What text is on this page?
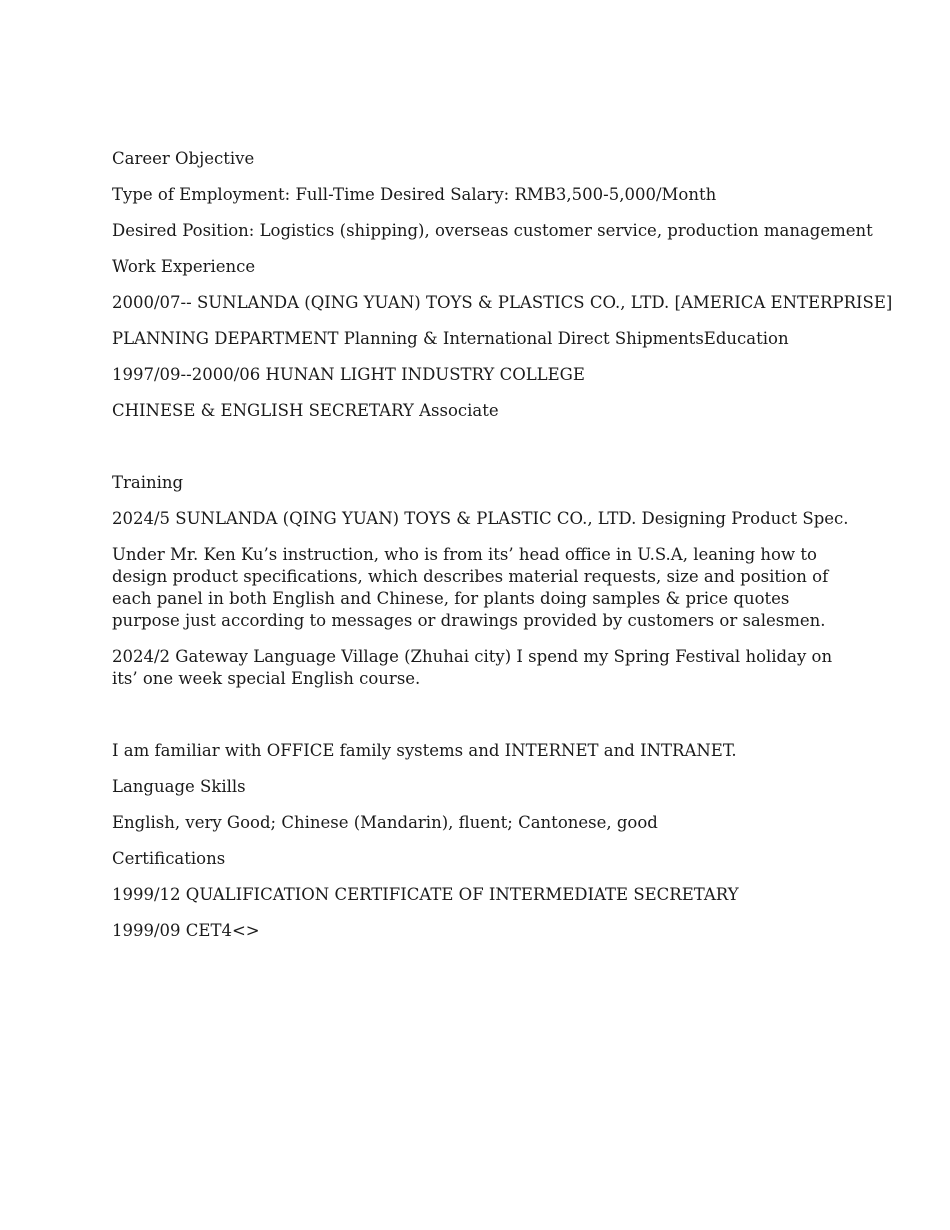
Career Objective

Type of Employment: Full-Time Desired Salary: RMB3,500-5,000/Month

Desired Position: Logistics (shipping), overseas customer service, production management

Work Experience

2000/07-- SUNLANDA (QING YUAN) TOYS & PLASTICS CO., LTD. [AMERICA ENTERPRISE]

PLANNING DEPARTMENT Planning & International Direct ShipmentsEducation

1997/09--2000/06 HUNAN LIGHT INDUSTRY COLLEGE

CHINESE & ENGLISH SECRETARY Associate

Training

2024/5 SUNLANDA (QING YUAN) TOYS & PLASTIC CO., LTD. Designing Product Spec.

Under Mr. Ken Ku’s instruction, who is from its’ head office in U.S.A, leaning how to design product specifications, which describes material requests, size and position of each panel in both English and Chinese, for plants doing samples & price quotes purpose just according to messages or drawings provided by customers or salesmen.

2024/2 Gateway Language Village (Zhuhai city) I spend my Spring Festival holiday on its’ one week special English course.

I am familiar with OFFICE family systems and INTERNET and INTRANET.

Language Skills

English, very Good; Chinese (Mandarin), fluent; Cantonese, good

Certifications

1999/12 QUALIFICATION CERTIFICATE OF INTERMEDIATE SECRETARY

1999/09 CET4<>
